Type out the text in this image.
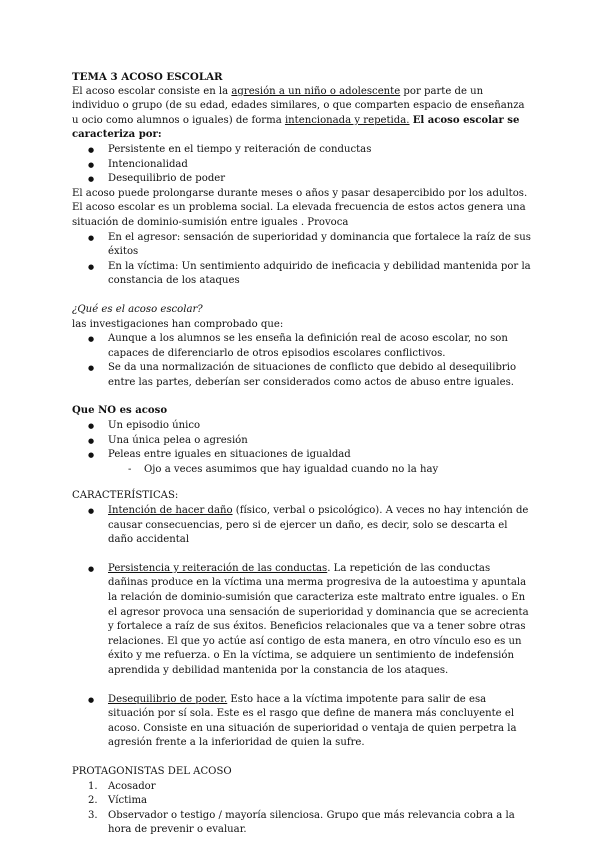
TEMA 3 ACOSO ESCOLAR

El acoso escolar consiste en la agresión a un niño o adolescente por parte de un individuo o grupo (de su edad, edades similares, o que comparten espacio de enseñanza u ocio como alumnos o iguales) de forma intencionada y repetida. El acoso escolar se caracteriza por:

● Persistente en el tiempo y reiteración de conductas
● Intencionalidad
● Desequilibrio de poder

El acoso puede prolongarse durante meses o años y pasar desapercibido por los adultos.

El acoso escolar es un problema social. La elevada frecuencia de estos actos genera una situación de dominio-sumisión entre iguales . Provoca

● En el agresor: sensación de superioridad y dominancia que fortalece la raíz de sus éxitos
● En la víctima: Un sentimiento adquirido de ineficacia y debilidad mantenida por la constancia de los ataques

¿Qué es el acoso escolar?

las investigaciones han comprobado que:

● Aunque a los alumnos se les enseña la definición real de acoso escolar, no son capaces de diferenciarlo de otros episodios escolares conflictivos.
● Se da una normalización de situaciones de conflicto que debido al desequilibrio entre las partes, deberían ser considerados como actos de abuso entre iguales.

Que NO es acoso

● Un episodio único
● Una única pelea o agresión
● Peleas entre iguales en situaciones de igualdad
- Ojo a veces asumimos que hay igualdad cuando no la hay

CARACTERÍSTICAS:

● Intención de hacer daño (físico, verbal o psicológico). A veces no hay intención de causar consecuencias, pero si de ejercer un daño, es decir, solo se descarta el daño accidental
● Persistencia y reiteración de las conductas. La repetición de las conductas dañinas produce en la víctima una merma progresiva de la autoestima y apuntala la relación de dominio-sumisión que caracteriza este maltrato entre iguales. o En el agresor provoca una sensación de superioridad y dominancia que se acrecienta y fortalece a raíz de sus éxitos. Beneficios relacionales que va a tener sobre otras relaciones. El que yo actúe así contigo de esta manera, en otro vínculo eso es un éxito y me refuerza. o En la víctima, se adquiere un sentimiento de indefensión aprendida y debilidad mantenida por la constancia de los ataques.
● Desequilibrio de poder. Esto hace a la víctima impotente para salir de esa situación por sí sola. Este es el rasgo que define de manera más concluyente el acoso. Consiste en una situación de superioridad o ventaja de quien perpetra la agresión frente a la inferioridad de quien la sufre.

PROTAGONISTAS DEL ACOSO

1. Acosador
2. Víctima
3. Observador o testigo / mayoría silenciosa. Grupo que más relevancia cobra a la hora de prevenir o evaluar.
